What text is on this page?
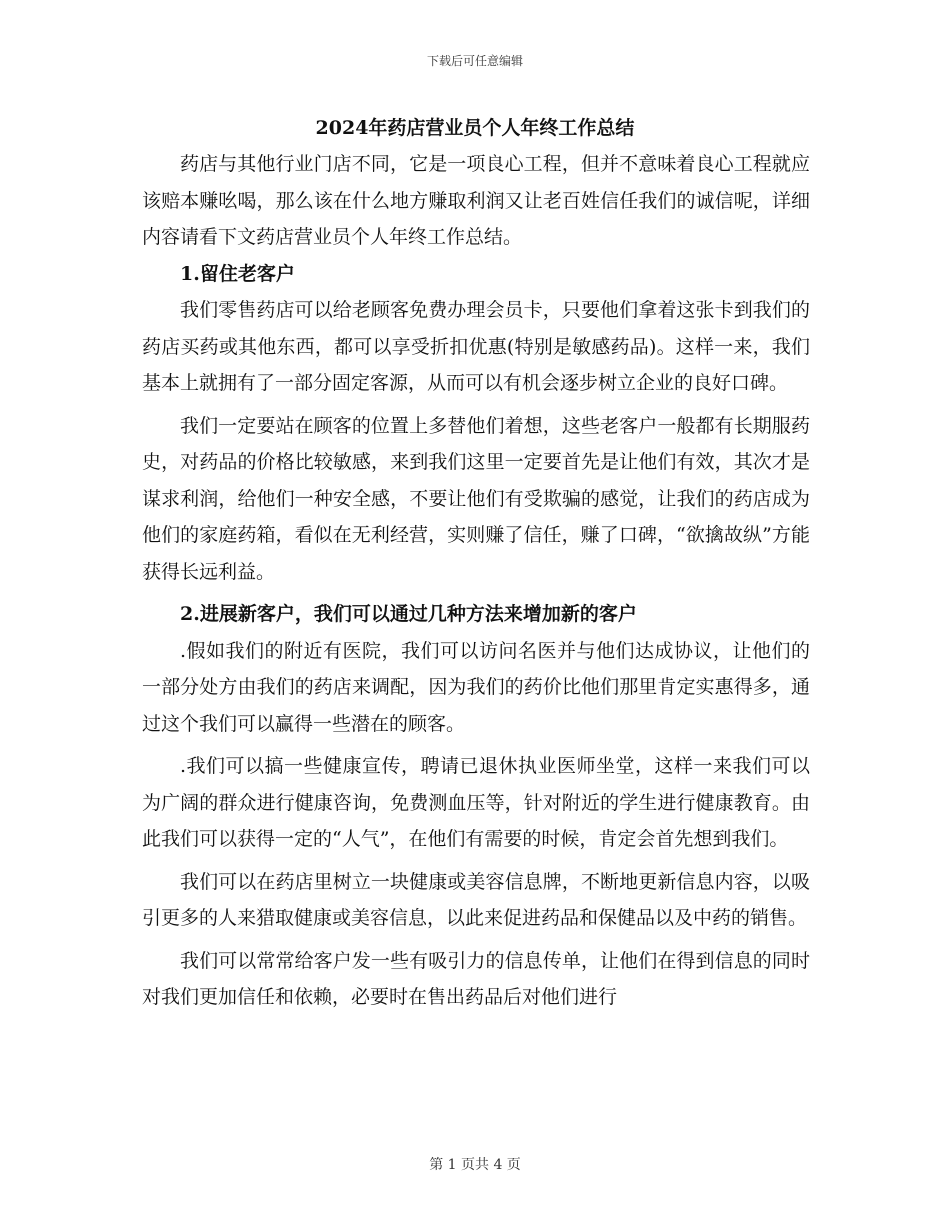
下载后可任意编辑
2024年药店营业员个人年终工作总结

药店与其他行业门店不同，它是一项良心工程，但并不意味着良心工程就应该赔本赚吆喝，那么该在什么地方赚取利润又让老百姓信任我们的诚信呢，详细内容请看下文药店营业员个人年终工作总结。

1.留住老客户

我们零售药店可以给老顾客免费办理会员卡，只要他们拿着这张卡到我们的药店买药或其他东西，都可以享受折扣优惠(特别是敏感药品)。这样一来，我们基本上就拥有了一部分固定客源，从而可以有机会逐步树立企业的良好口碑。

我们一定要站在顾客的位置上多替他们着想，这些老客户一般都有长期服药史，对药品的价格比较敏感，来到我们这里一定要首先是让他们有效，其次才是谋求利润，给他们一种安全感，不要让他们有受欺骗的感觉，让我们的药店成为他们的家庭药箱，看似在无利经营，实则赚了信任，赚了口碑，“欲擒故纵”方能获得长远利益。

2.进展新客户，我们可以通过几种方法来增加新的客户

.假如我们的附近有医院，我们可以访问名医并与他们达成协议，让他们的一部分处方由我们的药店来调配，因为我们的药价比他们那里肯定实惠得多，通过这个我们可以赢得一些潜在的顾客。

.我们可以搞一些健康宣传，聘请已退休执业医师坐堂，这样一来我们可以为广阔的群众进行健康咨询，免费测血压等，针对附近的学生进行健康教育。由此我们可以获得一定的“人气”，在他们有需要的时候，肯定会首先想到我们。

我们可以在药店里树立一块健康或美容信息牌，不断地更新信息内容，以吸引更多的人来猎取健康或美容信息，以此来促进药品和保健品以及中药的销售。

我们可以常常给客户发一些有吸引力的信息传单，让他们在得到信息的同时对我们更加信任和依赖，必要时在售出药品后对他们进行

第 1 页共 4 页
